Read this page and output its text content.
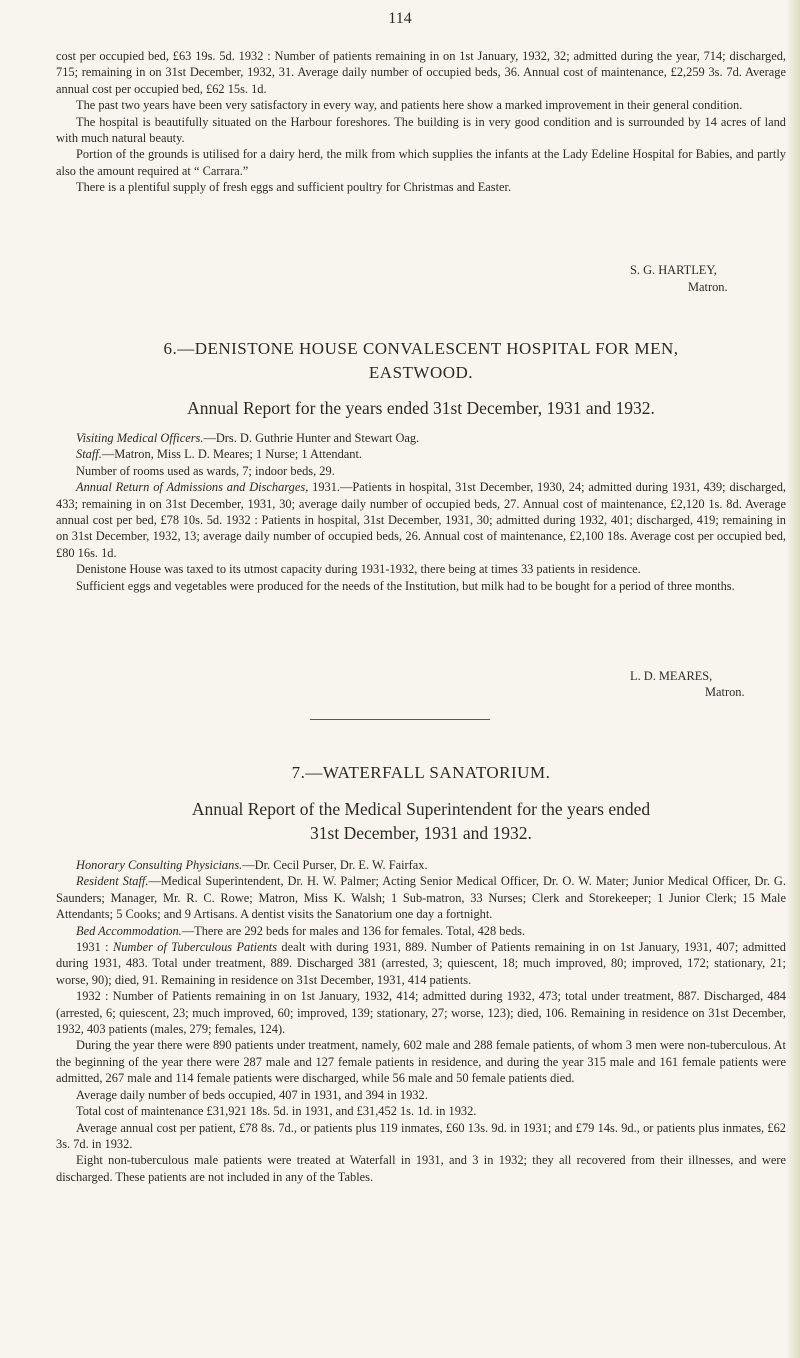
114

cost per occupied bed, £63 19s. 5d. 1932 : Number of patients remaining in on 1st January, 1932, 32; admitted during the year, 714; discharged, 715; remaining in on 31st December, 1932, 31. Average daily number of occupied beds, 36. Annual cost of maintenance, £2,259 3s. 7d. Average annual cost per occupied bed, £62 15s. 1d.

The past two years have been very satisfactory in every way, and patients here show a marked improvement in their general condition.

The hospital is beautifully situated on the Harbour foreshores. The building is in very good condition and is surrounded by 14 acres of land with much natural beauty.

Portion of the grounds is utilised for a dairy herd, the milk from which supplies the infants at the Lady Edeline Hospital for Babies, and partly also the amount required at “ Carrara.”

There is a plentiful supply of fresh eggs and sufficient poultry for Christmas and Easter.

S. G. HARTLEY,
Matron.
6.—DENISTONE HOUSE CONVALESCENT HOSPITAL FOR MEN,
EASTWOOD.
Annual Report for the years ended 31st December, 1931 and 1932.

Visiting Medical Officers.—Drs. D. Guthrie Hunter and Stewart Oag.

Staff.—Matron, Miss L. D. Meares; 1 Nurse; 1 Attendant.

Number of rooms used as wards, 7; indoor beds, 29.

Annual Return of Admissions and Discharges, 1931.—Patients in hospital, 31st December, 1930, 24; admitted during 1931, 439; discharged, 433; remaining in on 31st December, 1931, 30; average daily number of occupied beds, 27. Annual cost of maintenance, £2,120 1s. 8d. Average annual cost per bed, £78 10s. 5d. 1932 : Patients in hospital, 31st December, 1931, 30; admitted during 1932, 401; discharged, 419; remaining in on 31st December, 1932, 13; average daily number of occupied beds, 26. Annual cost of maintenance, £2,100 18s. Average cost per occupied bed, £80 16s. 1d.

Denistone House was taxed to its utmost capacity during 1931-1932, there being at times 33 patients in residence.

Sufficient eggs and vegetables were produced for the needs of the Institution, but milk had to be bought for a period of three months.

L. D. MEARES,
Matron.
7.—WATERFALL SANATORIUM.
Annual Report of the Medical Superintendent for the years ended
31st December, 1931 and 1932.

Honorary Consulting Physicians.—Dr. Cecil Purser, Dr. E. W. Fairfax.

Resident Staff.—Medical Superintendent, Dr. H. W. Palmer; Acting Senior Medical Officer, Dr. O. W. Mater; Junior Medical Officer, Dr. G. Saunders; Manager, Mr. R. C. Rowe; Matron, Miss K. Walsh; 1 Sub-matron, 33 Nurses; Clerk and Storekeeper; 1 Junior Clerk; 15 Male Attendants; 5 Cooks; and 9 Artisans. A dentist visits the Sanatorium one day a fortnight.

Bed Accommodation.—There are 292 beds for males and 136 for females. Total, 428 beds.

1931 : Number of Tuberculous Patients dealt with during 1931, 889. Number of Patients remaining in on 1st January, 1931, 407; admitted during 1931, 483. Total under treatment, 889. Discharged 381 (arrested, 3; quiescent, 18; much improved, 80; improved, 172; stationary, 21; worse, 90); died, 91. Remaining in residence on 31st December, 1931, 414 patients.

1932 : Number of Patients remaining in on 1st January, 1932, 414; admitted during 1932, 473; total under treatment, 887. Discharged, 484 (arrested, 6; quiescent, 23; much improved, 60; improved, 139; stationary, 27; worse, 123); died, 106. Remaining in residence on 31st December, 1932, 403 patients (males, 279; females, 124).

During the year there were 890 patients under treatment, namely, 602 male and 288 female patients, of whom 3 men were non-tuberculous. At the beginning of the year there were 287 male and 127 female patients in residence, and during the year 315 male and 161 female patients were admitted, 267 male and 114 female patients were discharged, while 56 male and 50 female patients died.

Average daily number of beds occupied, 407 in 1931, and 394 in 1932.

Total cost of maintenance £31,921 18s. 5d. in 1931, and £31,452 1s. 1d. in 1932.

Average annual cost per patient, £78 8s. 7d., or patients plus 119 inmates, £60 13s. 9d. in 1931; and £79 14s. 9d., or patients plus inmates, £62 3s. 7d. in 1932.

Eight non-tuberculous male patients were treated at Waterfall in 1931, and 3 in 1932; they all recovered from their illnesses, and were discharged. These patients are not included in any of the Tables.
